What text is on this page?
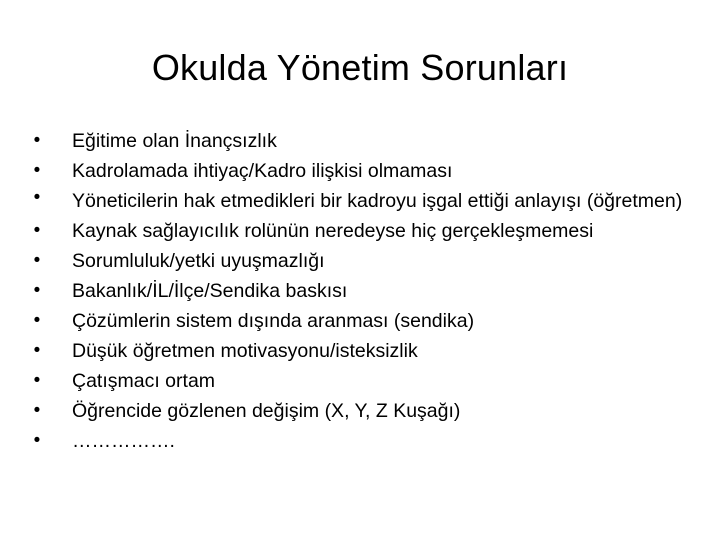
Okulda Yönetim Sorunları
• Eğitime olan İnançsızlık
• Kadrolamada ihtiyaç/Kadro ilişkisi olmaması
• Yöneticilerin hak etmedikleri bir kadroyu işgal ettiği anlayışı (öğretmen)
• Kaynak sağlayıcılık rolünün neredeyse hiç gerçekleşmemesi
• Sorumluluk/yetki uyuşmazlığı
• Bakanlık/İL/İlçe/Sendika baskısı
• Çözümlerin sistem dışında aranması (sendika)
• Düşük öğretmen motivasyonu/isteksizlik
• Çatışmacı ortam
• Öğrencide gözlenen değişim (X, Y, Z Kuşağı)
• …………….
